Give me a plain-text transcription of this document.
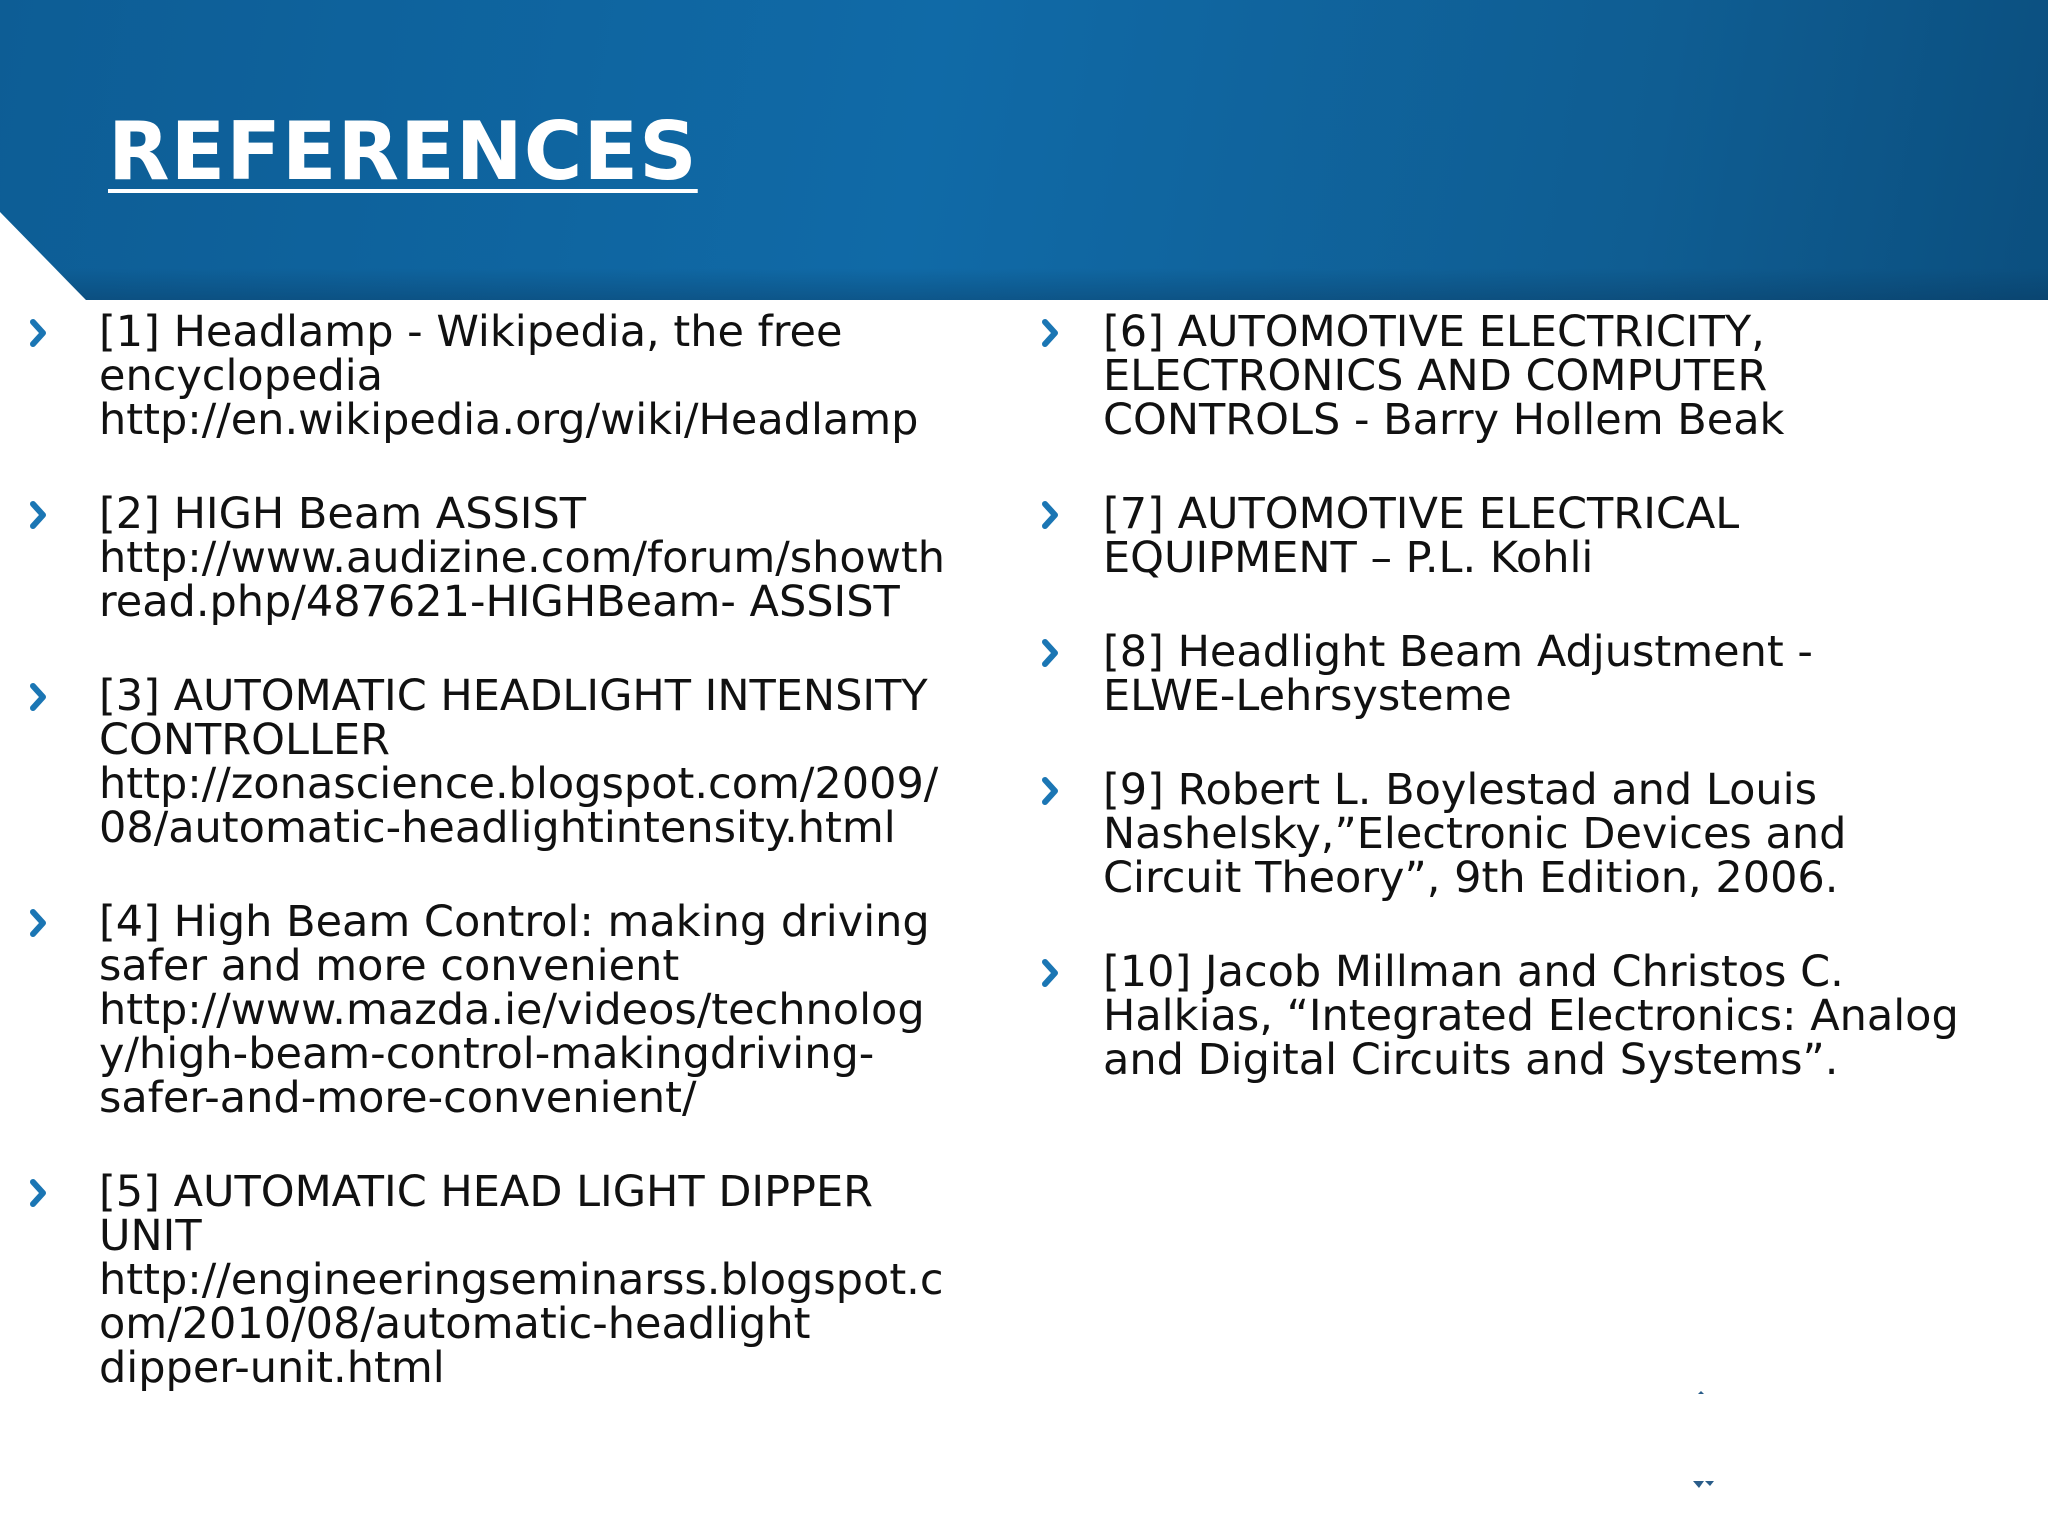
REFERENCES

[1] Headlamp - Wikipedia, the free
encyclopedia
http://en.wikipedia.org/wiki/Headlamp

[2] HIGH Beam ASSIST
http://www.audizine.com/forum/showth
read.php/487621-HIGHBeam- ASSIST

[3] AUTOMATIC HEADLIGHT INTENSITY
CONTROLLER
http://zonascience.blogspot.com/2009/
08/automatic-headlightintensity.html

[4] High Beam Control: making driving
safer and more convenient
http://www.mazda.ie/videos/technolog
y/high-beam-control-makingdriving-
safer-and-more-convenient/

[5] AUTOMATIC HEAD LIGHT DIPPER
UNIT
http://engineeringseminarss.blogspot.c
om/2010/08/automatic-headlight
dipper-unit.html

[6] AUTOMOTIVE ELECTRICITY,
ELECTRONICS AND COMPUTER
CONTROLS - Barry Hollem Beak

[7] AUTOMOTIVE ELECTRICAL
EQUIPMENT – P.L. Kohli

[8] Headlight Beam Adjustment -
ELWE-Lehrsysteme

[9] Robert L. Boylestad and Louis
Nashelsky,”Electronic Devices and
Circuit Theory”, 9th Edition, 2006.

[10] Jacob Millman and Christos C.
Halkias, “Integrated Electronics: Analog
and Digital Circuits and Systems”.
